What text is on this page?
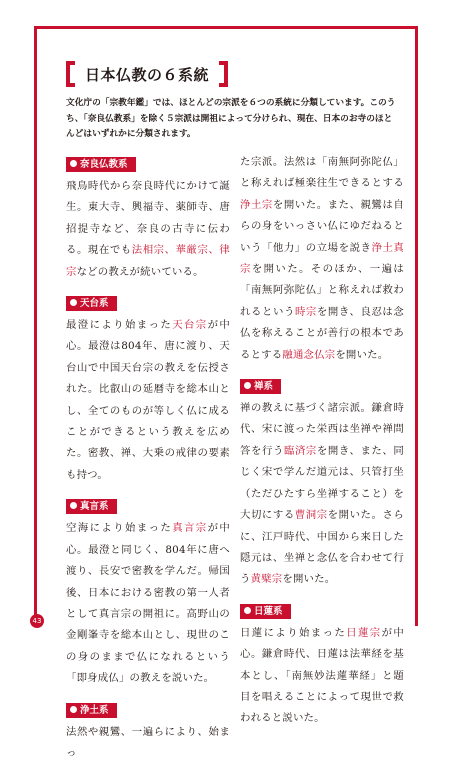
日本仏教の６系統
文化庁の「宗教年鑑」では、ほとんどの宗派を６つの系統に分類しています。このうち、「奈良仏教系」を除く５宗派は開祖によって分けられ、現在、日本のお寺のほとんどはいずれかに分類されます。
奈良仏教系

飛鳥時代から奈良時代にかけて誕生。東大寺、興福寺、薬師寺、唐招提寺など、奈良の古寺に伝わる。現在でも法相宗、華厳宗、律宗などの教えが続いている。

天台系

最澄により始まった天台宗が中心。最澄は804年、唐に渡り、天台山で中国天台宗の教えを伝授された。比叡山の延暦寺を総本山とし、全てのものが等しく仏に成ることができるという教えを広めた。密教、禅、大乗の戒律の要素も持つ。

真言系

空海により始まった真言宗が中心。最澄と同じく、804年に唐へ渡り、長安で密教を学んだ。帰国後、日本における密教の第一人者として真言宗の開祖に。高野山の金剛峯寺を総本山とし、現世のこの身のままで仏になれるという「即身成仏」の教えを説いた。

浄土系

法然や親鸞、一遍らにより、始まっ

た宗派。法然は「南無阿弥陀仏」と称えれば極楽往生できるとする浄土宗を開いた。また、親鸞は自らの身をいっさい仏にゆだねるという「他力」の立場を説き浄土真宗を開いた。そのほか、一遍は「南無阿弥陀仏」と称えれば救われるという時宗を開き、良忍は念仏を称えることが善行の根本であるとする融通念仏宗を開いた。

禅系

禅の教えに基づく諸宗派。鎌倉時代、宋に渡った栄西は坐禅や禅問答を行う臨済宗を開き、また、同じく宋で学んだ道元は、只管打坐（ただひたすら坐禅すること）を大切にする曹洞宗を開いた。さらに、江戸時代、中国から来日した隠元は、坐禅と念仏を合わせて行う黄檗宗を開いた。

日蓮系

日蓮により始まった日蓮宗が中心。鎌倉時代、日蓮は法華経を基本とし、「南無妙法蓮華経」と題目を唱えることによって現世で救われると説いた。

43
